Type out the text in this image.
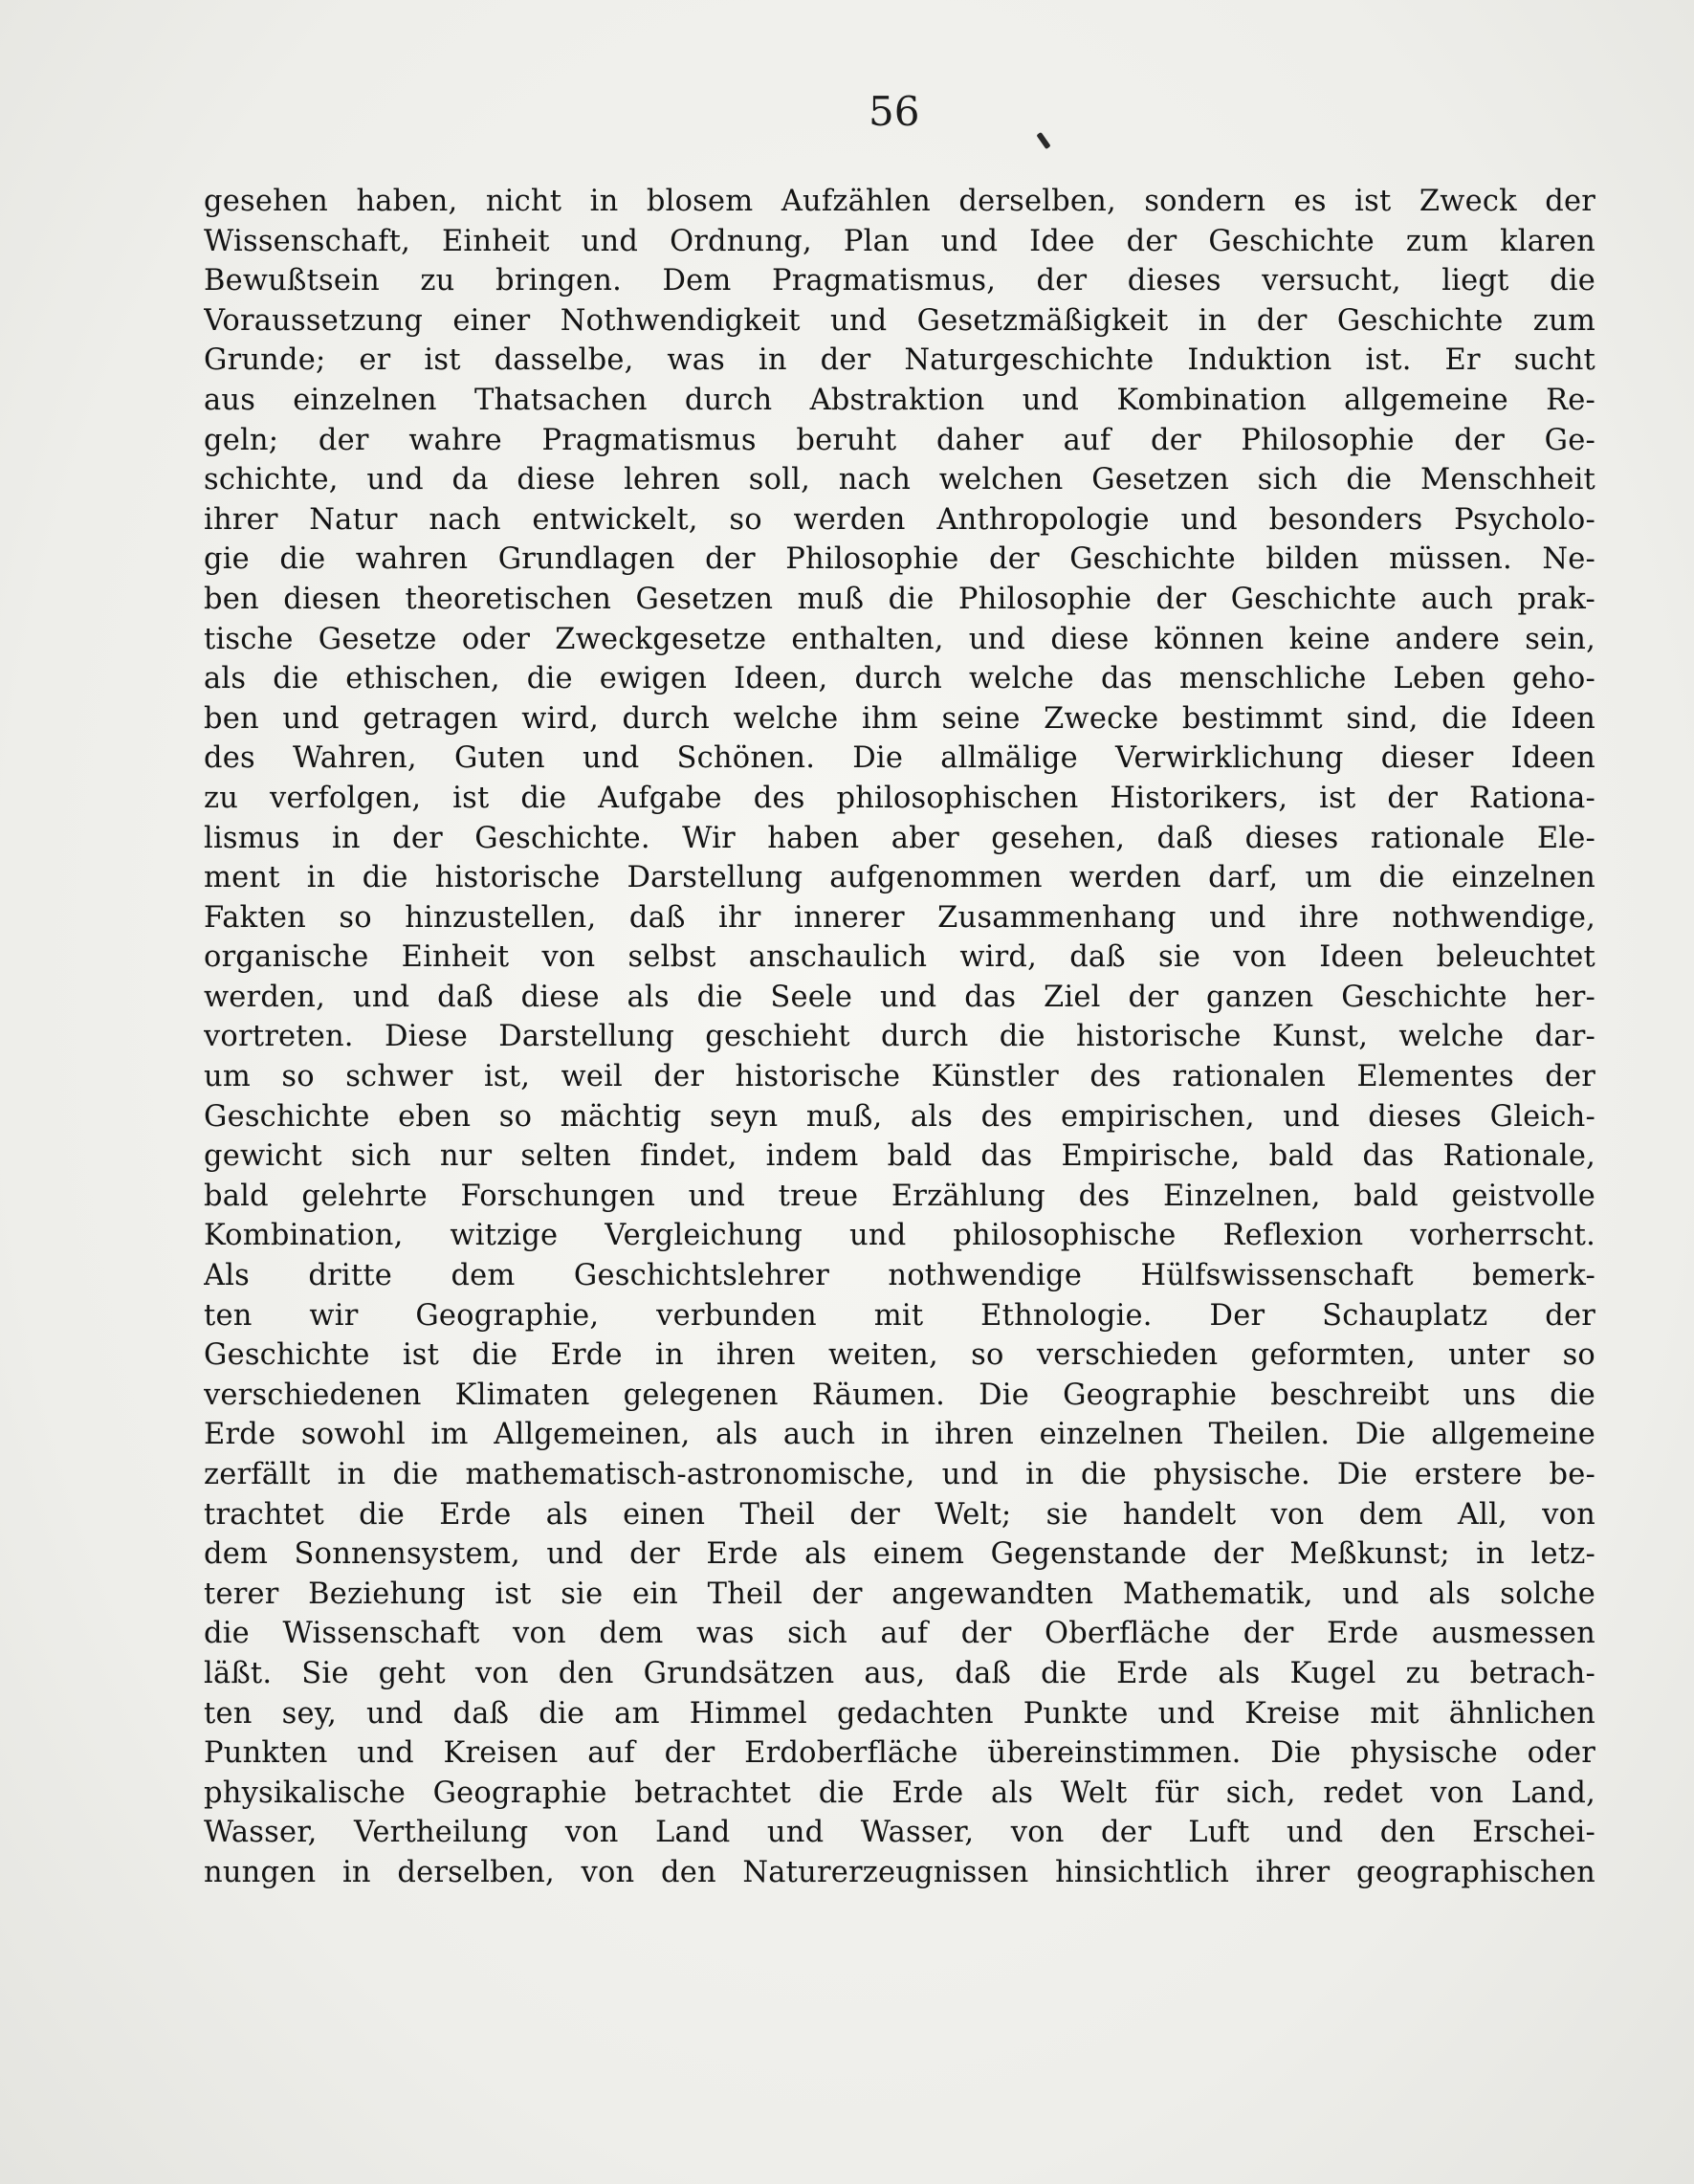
56
gesehen haben, nicht in blosem Aufzählen derselben, sondern es ist Zweck der
Wissenschaft, Einheit und Ordnung, Plan und Idee der Geschichte zum klaren
Bewußtsein zu bringen. Dem Pragmatismus, der dieses versucht, liegt die
Voraussetzung einer Nothwendigkeit und Gesetzmäßigkeit in der Geschichte zum
Grunde; er ist dasselbe, was in der Naturgeschichte Induktion ist. Er sucht
aus einzelnen Thatsachen durch Abstraktion und Kombination allgemeine Re-
geln; der wahre Pragmatismus beruht daher auf der Philosophie der Ge-
schichte, und da diese lehren soll, nach welchen Gesetzen sich die Menschheit
ihrer Natur nach entwickelt, so werden Anthropologie und besonders Psycholo-
gie die wahren Grundlagen der Philosophie der Geschichte bilden müssen. Ne-
ben diesen theoretischen Gesetzen muß die Philosophie der Geschichte auch prak-
tische Gesetze oder Zweckgesetze enthalten, und diese können keine andere sein,
als die ethischen, die ewigen Ideen, durch welche das menschliche Leben geho-
ben und getragen wird, durch welche ihm seine Zwecke bestimmt sind, die Ideen
des Wahren, Guten und Schönen. Die allmälige Verwirklichung dieser Ideen
zu verfolgen, ist die Aufgabe des philosophischen Historikers, ist der Rationa-
lismus in der Geschichte. Wir haben aber gesehen, daß dieses rationale Ele-
ment in die historische Darstellung aufgenommen werden darf, um die einzelnen
Fakten so hinzustellen, daß ihr innerer Zusammenhang und ihre nothwendige,
organische Einheit von selbst anschaulich wird, daß sie von Ideen beleuchtet
werden, und daß diese als die Seele und das Ziel der ganzen Geschichte her-
vortreten. Diese Darstellung geschieht durch die historische Kunst, welche dar-
um so schwer ist, weil der historische Künstler des rationalen Elementes der
Geschichte eben so mächtig seyn muß, als des empirischen, und dieses Gleich-
gewicht sich nur selten findet, indem bald das Empirische, bald das Rationale,
bald gelehrte Forschungen und treue Erzählung des Einzelnen, bald geistvolle
Kombination, witzige Vergleichung und philosophische Reflexion vorherrscht.
Als dritte dem Geschichtslehrer nothwendige Hülfswissenschaft bemerk-
ten wir Geographie, verbunden mit Ethnologie. Der Schauplatz der
Geschichte ist die Erde in ihren weiten, so verschieden geformten, unter so
verschiedenen Klimaten gelegenen Räumen. Die Geographie beschreibt uns die
Erde sowohl im Allgemeinen, als auch in ihren einzelnen Theilen. Die allgemeine
zerfällt in die mathematisch-astronomische, und in die physische. Die erstere be-
trachtet die Erde als einen Theil der Welt; sie handelt von dem All, von
dem Sonnensystem, und der Erde als einem Gegenstande der Meßkunst; in letz-
terer Beziehung ist sie ein Theil der angewandten Mathematik, und als solche
die Wissenschaft von dem was sich auf der Oberfläche der Erde ausmessen
läßt. Sie geht von den Grundsätzen aus, daß die Erde als Kugel zu betrach-
ten sey, und daß die am Himmel gedachten Punkte und Kreise mit ähnlichen
Punkten und Kreisen auf der Erdoberfläche übereinstimmen. Die physische oder
physikalische Geographie betrachtet die Erde als Welt für sich, redet von Land,
Wasser, Vertheilung von Land und Wasser, von der Luft und den Erschei-
nungen in derselben, von den Naturerzeugnissen hinsichtlich ihrer geographischen
